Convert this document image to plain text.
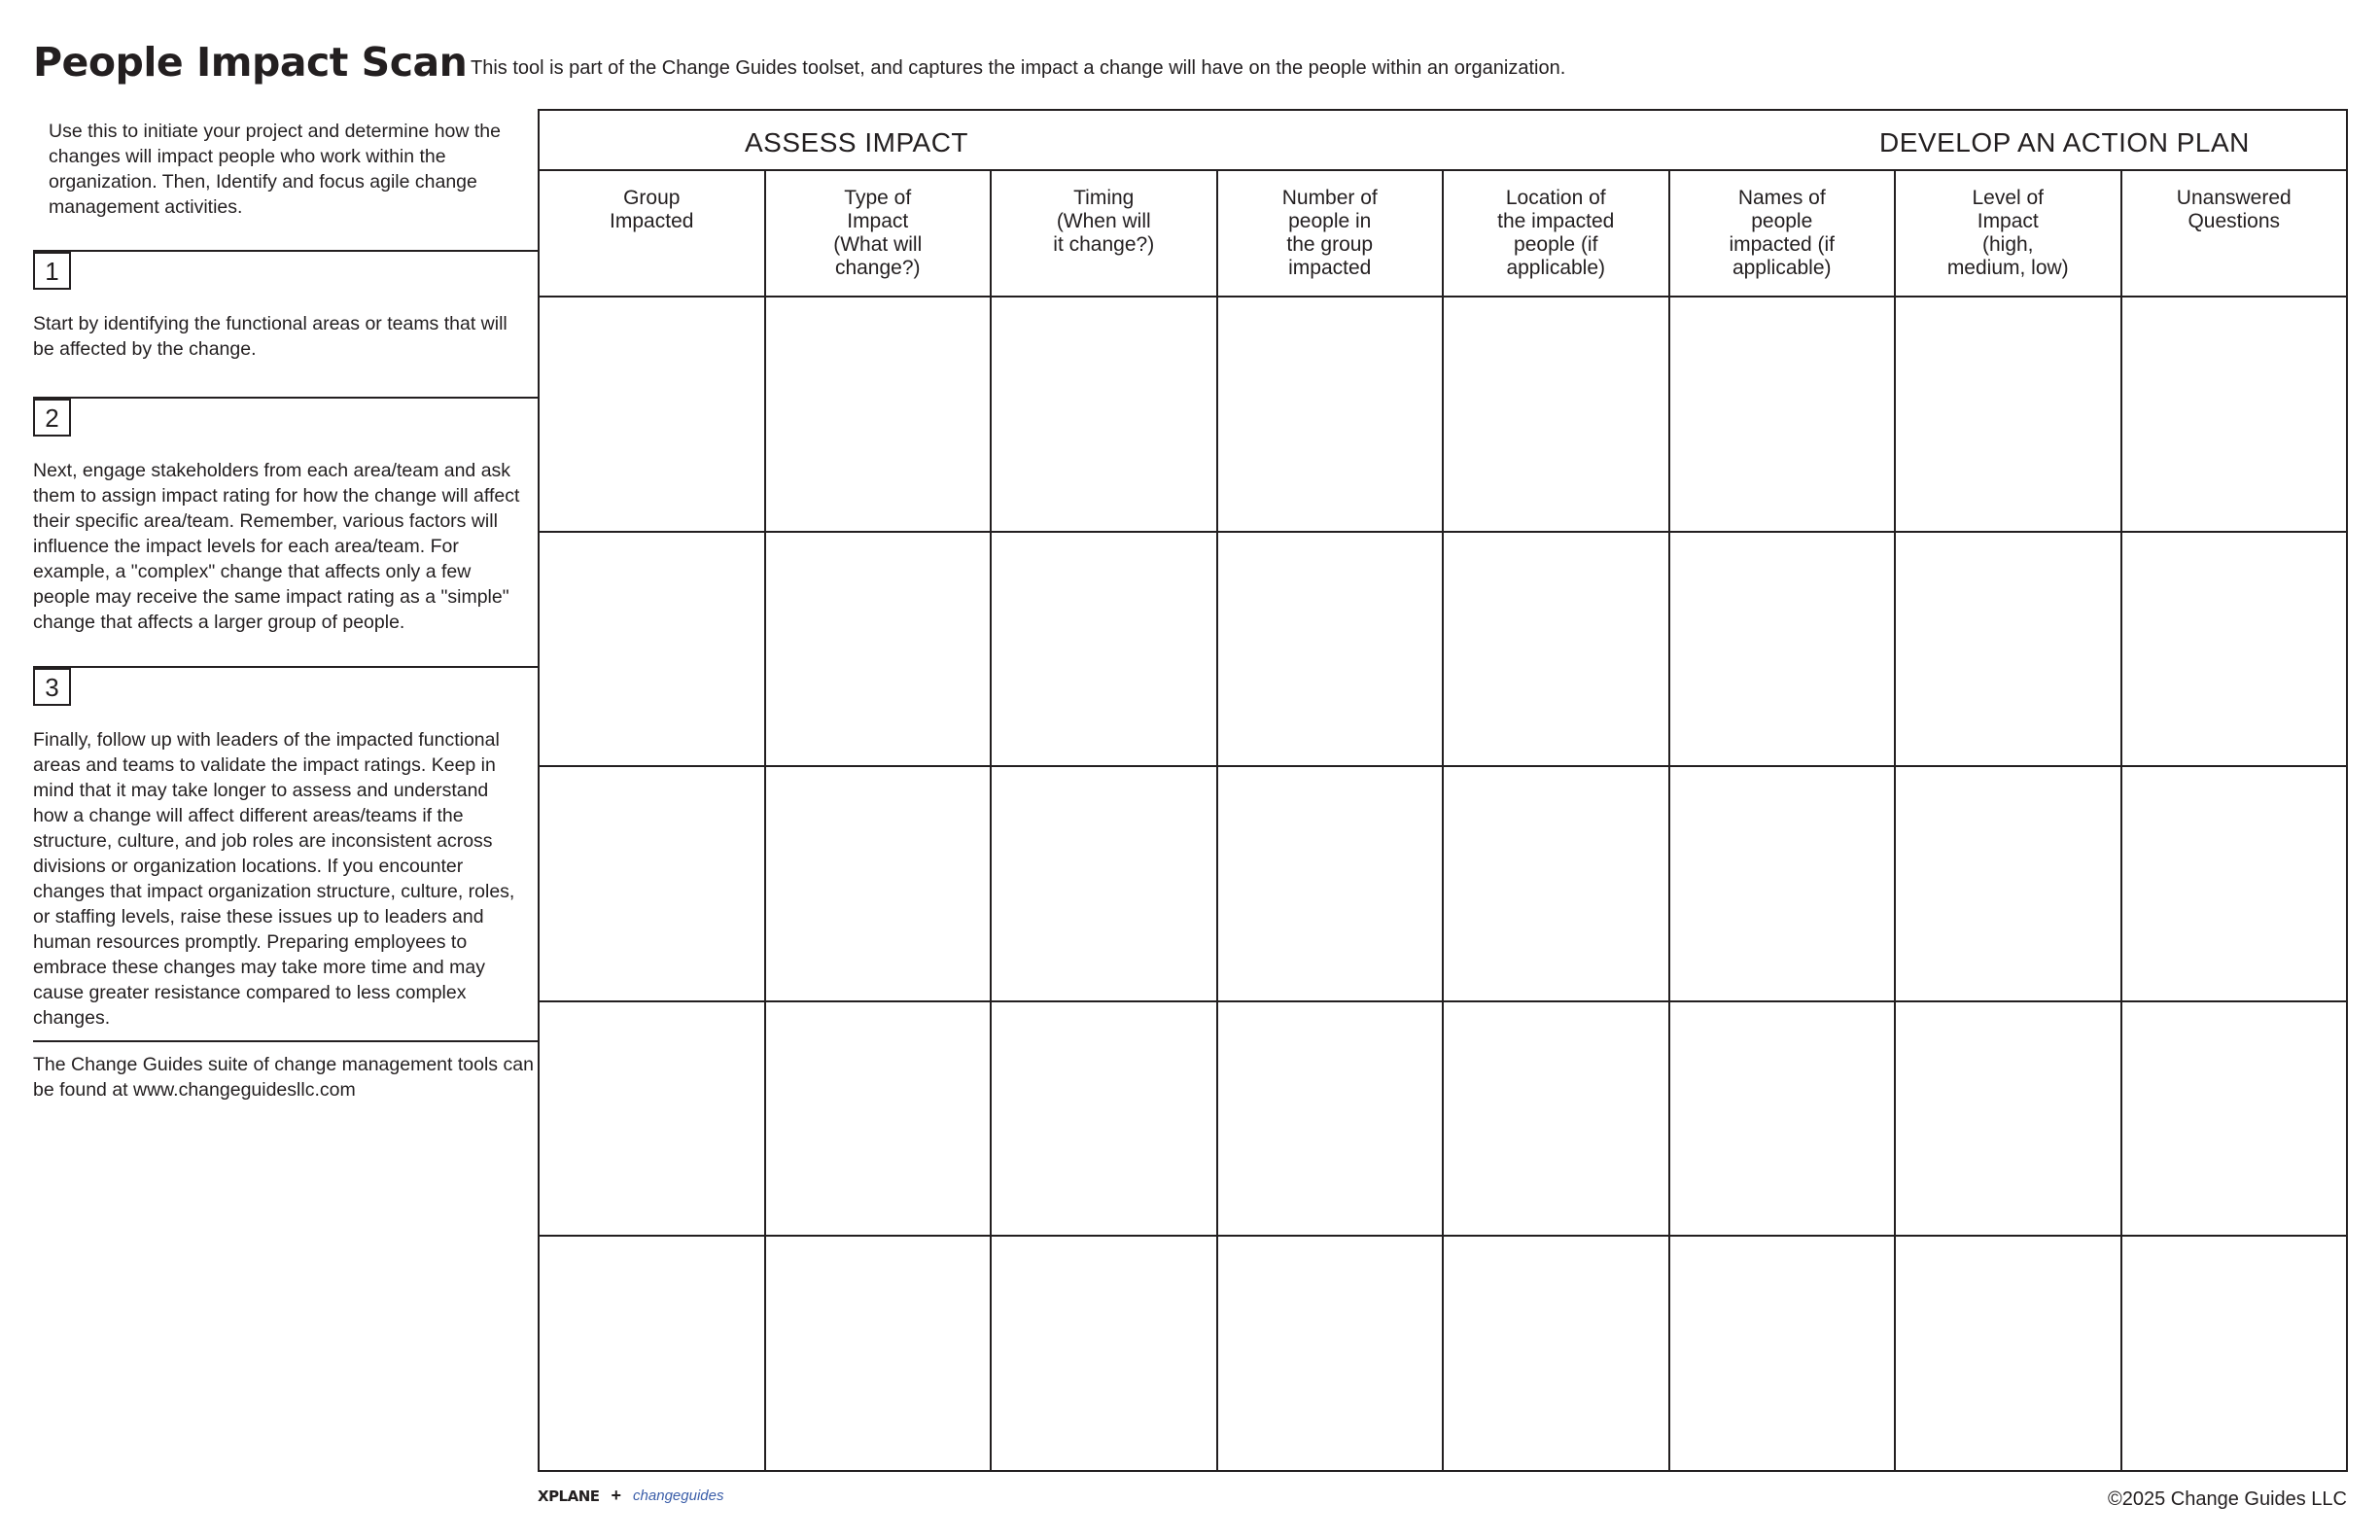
People Impact Scan This tool is part of the Change Guides toolset, and captures the impact a change will have on the people within an organization.
Use this to initiate your project and determine how the changes will impact people who work within the organization. Then, Identify and focus agile change management activities.
1
Start by identifying the functional areas or teams that will be affected by the change.
2
Next, engage stakeholders from each area/team and ask them to assign impact rating for how the change will affect their specific area/team. Remember, various factors will influence the impact levels for each area/team. For example, a "complex" change that affects only a few people may receive the same impact rating as a "simple" change that affects a larger group of people.
3
Finally, follow up with leaders of the impacted functional areas and teams to validate the impact ratings. Keep in mind that it may take longer to assess and understand how a change will affect different areas/teams if the structure, culture, and job roles are inconsistent across divisions or organization locations. If you encounter changes that impact organization structure, culture, roles, or staffing levels, raise these issues up to leaders and human resources promptly. Preparing employees to embrace these changes may take more time and may cause greater resistance compared to less complex changes.
The Change Guides suite of change management tools can be found at www.changeguidesllc.com
ASSESS IMPACT	DEVELOP AN ACTION PLAN
Group
Impacted
Type of
Impact
(What will
change?)
Timing
(When will
it change?)
Number of
people in
the group
impacted
Location of
the impacted
people (if
applicable)
Names of
people
impacted (if
applicable)
Level of
Impact
(high,
medium, low)
Unanswered
Questions
XPLANE + changeguides	©2025 Change Guides LLC
